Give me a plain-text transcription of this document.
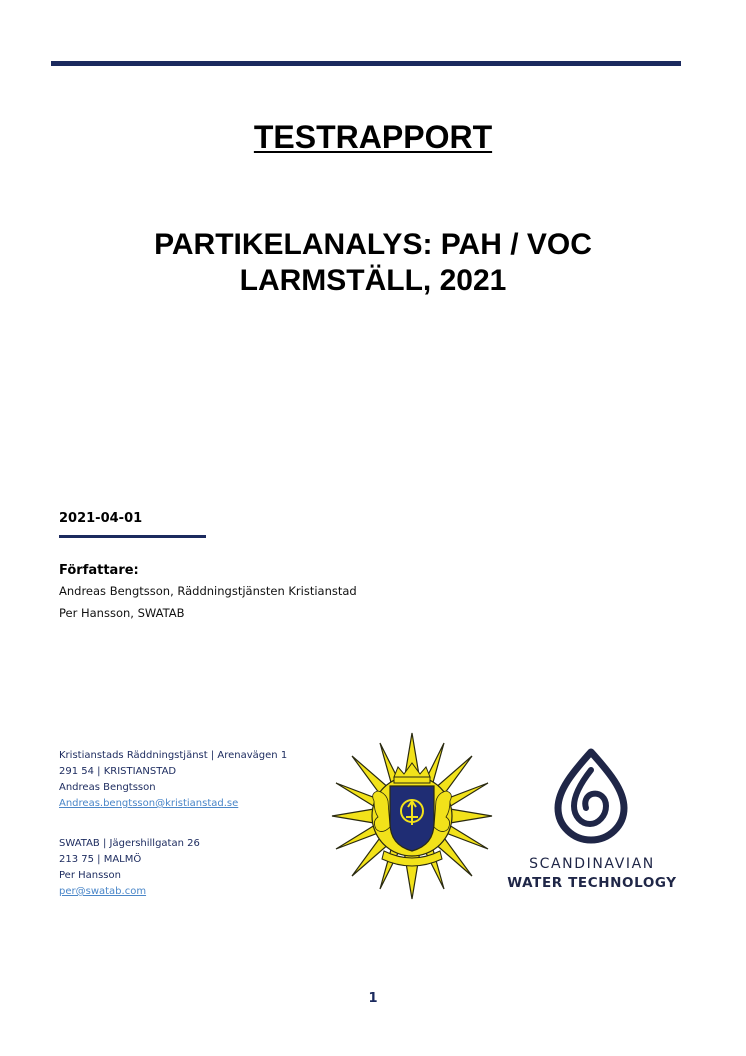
TESTRAPPORT
PARTIKELANALYS: PAH / VOC
LARMSTÄLL, 2021
2021-04-01
Författare:
Andreas Bengtsson, Räddningstjänsten Kristianstad
Per Hansson, SWATAB
Kristianstads Räddningstjänst | Arenavägen 1
291 54 | KRISTIANSTAD
Andreas Bengtsson
Andreas.bengtsson@kristianstad.se
SWATAB | Jägershillgatan 26
213 75 | MALMÖ
Per Hansson
per@swatab.com
SCANDINAVIAN
WATER TECHNOLOGY
1
